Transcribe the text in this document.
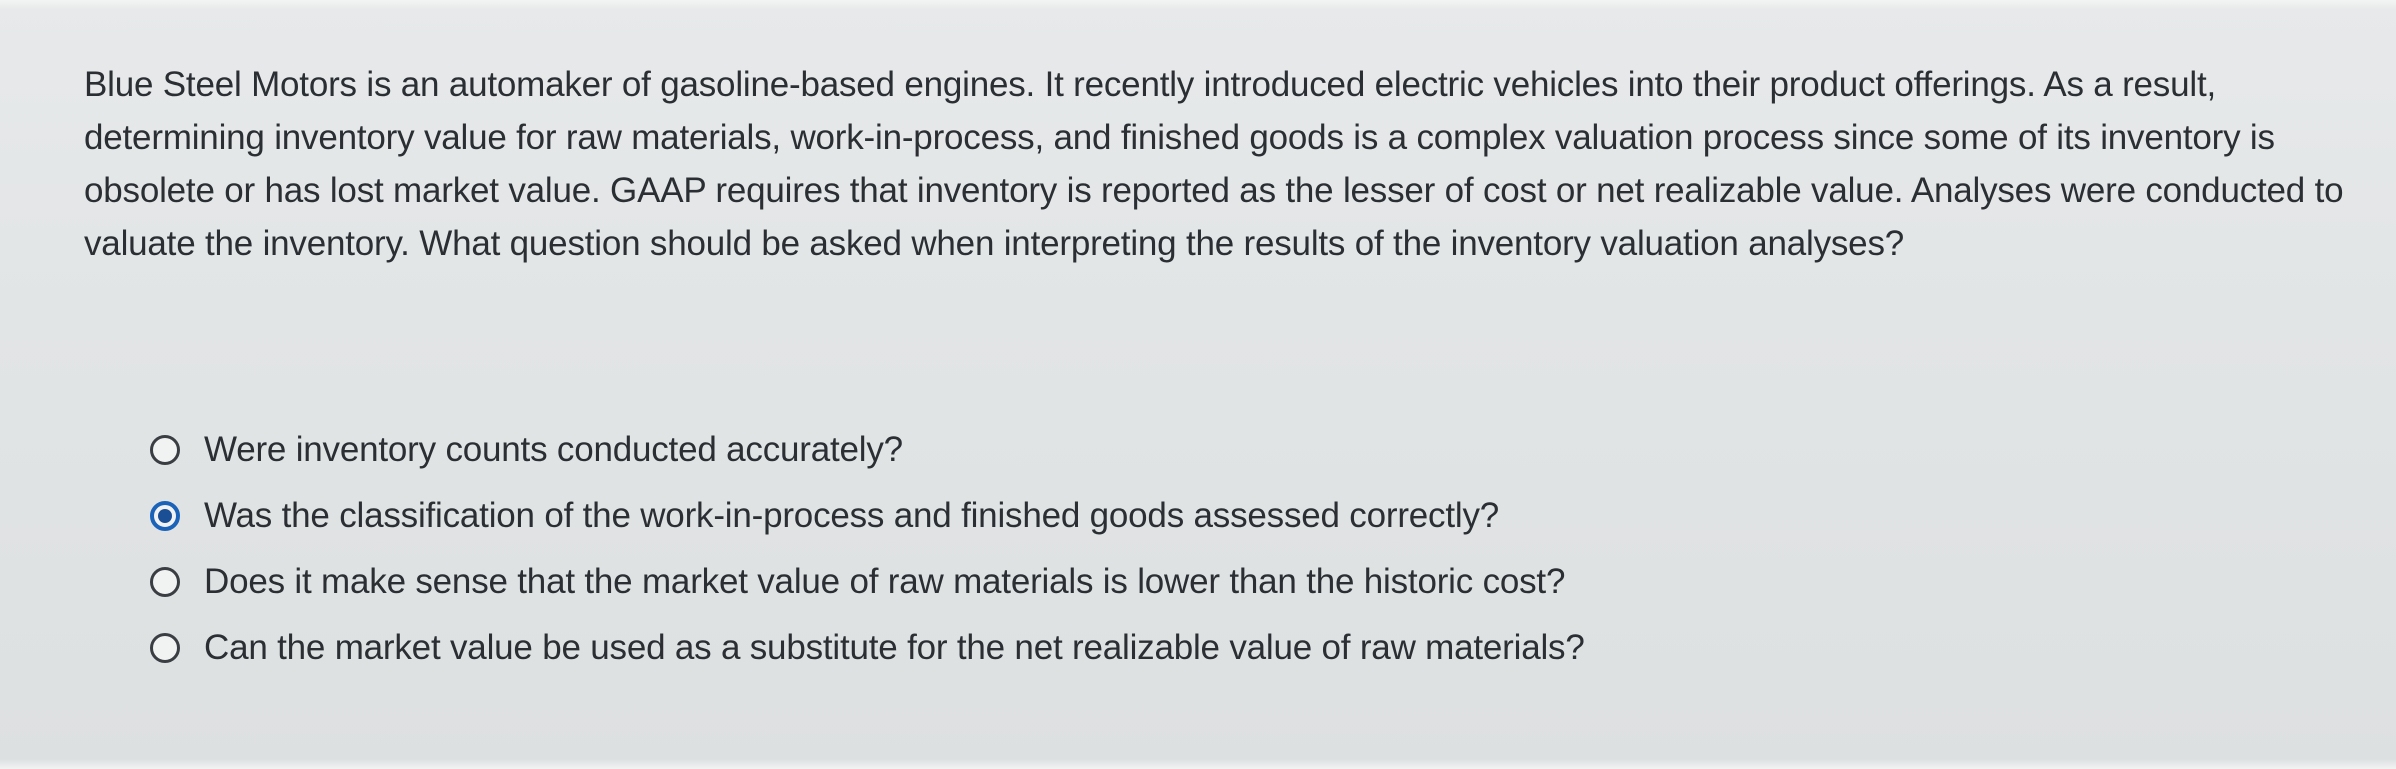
Blue Steel Motors is an automaker of gasoline-based engines. It recently introduced electric vehicles into their product offerings. As a result, determining inventory value for raw materials, work-in-process, and finished goods is a complex valuation process since some of its inventory is obsolete or has lost market value. GAAP requires that inventory is reported as the lesser of cost or net realizable value. Analyses were conducted to valuate the inventory. What question should be asked when interpreting the results of the inventory valuation analyses?

Were inventory counts conducted accurately?
Was the classification of the work-in-process and finished goods assessed correctly?
Does it make sense that the market value of raw materials is lower than the historic cost?
Can the market value be used as a substitute for the net realizable value of raw materials?
